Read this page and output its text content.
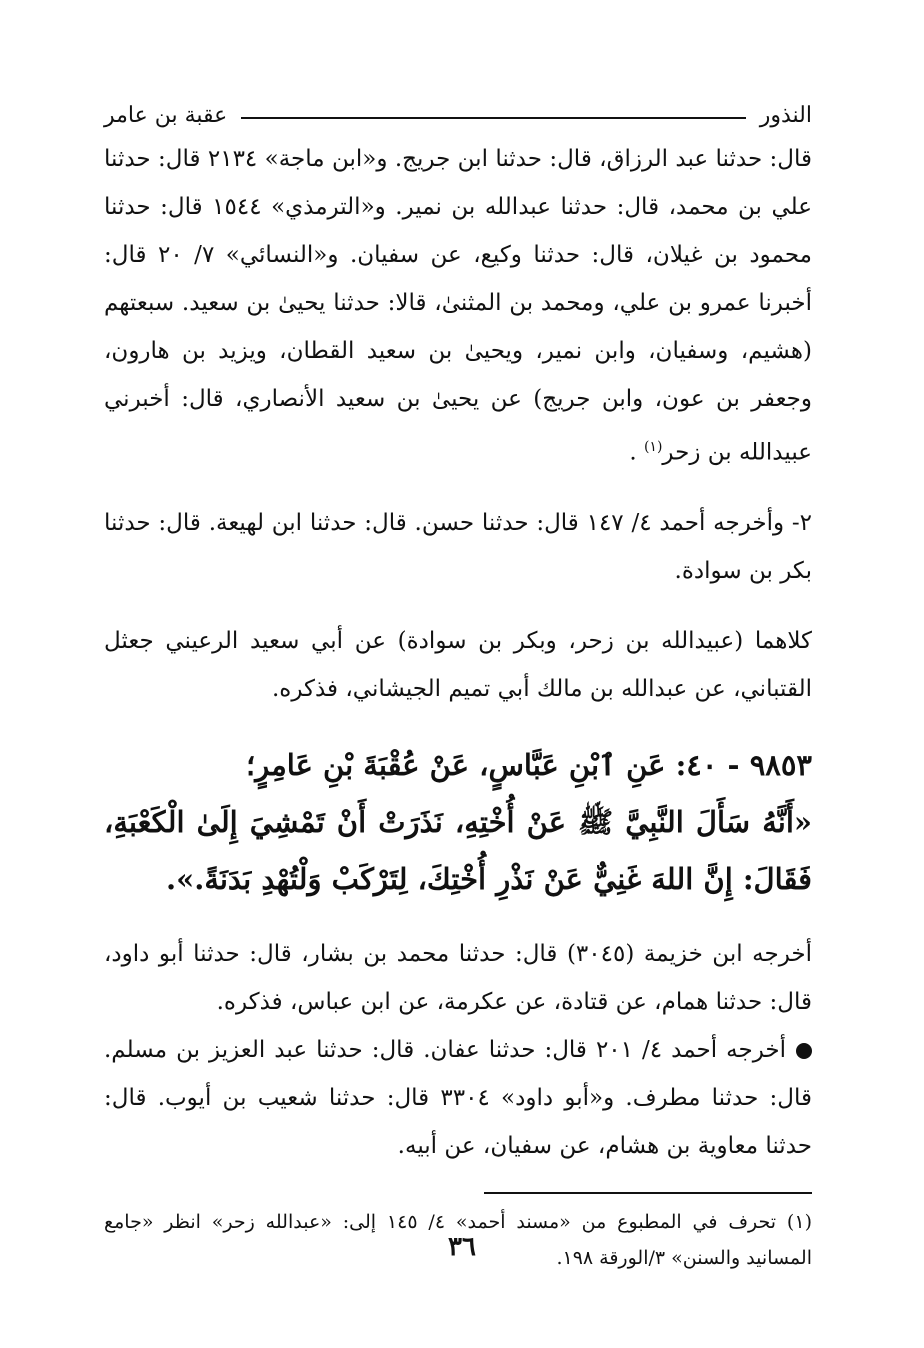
النذور
عقبة بن عامر

قال: حدثنا عبد الرزاق، قال: حدثنا ابن جريج. و«ابن ماجة» ٢١٣٤ قال: حدثنا علي بن محمد، قال: حدثنا عبدالله بن نمير. و«الترمذي» ١٥٤٤ قال: حدثنا محمود بن غيلان، قال: حدثنا وكيع، عن سفيان. و«النسائي» ٧/ ٢٠ قال: أخبرنا عمرو بن علي، ومحمد بن المثنىٰ، قالا: حدثنا يحيىٰ بن سعيد. سبعتهم (هشيم، وسفيان، وابن نمير، ويحيىٰ بن سعيد القطان، ويزيد بن هارون، وجعفر بن عون، وابن جريج) عن يحيىٰ بن سعيد الأنصاري، قال: أخبرني عبيدالله بن زحر$^{(١)}$ .

٢- وأخرجه أحمد ٤/ ١٤٧ قال: حدثنا حسن. قال: حدثنا ابن لهيعة. قال: حدثنا بكر بن سوادة.

كلاهما (عبيدالله بن زحر، وبكر بن سوادة) عن أبي سعيد الرعيني جعثل القتباني، عن عبدالله بن مالك أبي تميم الجيشاني، فذكره.

٩٨٥٣ - ٤٠: عَنِ ٱبْنِ عَبَّاسٍ، عَنْ عُقْبَةَ بْنِ عَامِرٍ؛
«أَنَّهُ سَأَلَ النَّبِيَّ ﷺ عَنْ أُخْتِهِ، نَذَرَتْ أَنْ تَمْشِيَ إِلَىٰ الْكَعْبَةِ، فَقَالَ: إِنَّ اللهَ غَنِيٌّ عَنْ نَذْرِ أُخْتِكَ، لِتَرْكَبْ وَلْتُهْدِ بَدَنَةً.».

أخرجه ابن خزيمة (٣٠٤٥) قال: حدثنا محمد بن بشار، قال: حدثنا أبو داود، قال: حدثنا همام، عن قتادة، عن عكرمة، عن ابن عباس، فذكره.

أخرجه أحمد ٤/ ٢٠١ قال: حدثنا عفان. قال: حدثنا عبد العزيز بن مسلم. قال: حدثنا مطرف. و«أبو داود» ٣٣٠٤ قال: حدثنا شعيب بن أيوب. قال: حدثنا معاوية بن هشام، عن سفيان، عن أبيه.

(١) تحرف في المطبوع من «مسند أحمد» ٤/ ١٤٥ إلى: «عبدالله زحر» انظر «جامع المسانيد والسنن» ٣/الورقة ١٩٨.

٣٦
